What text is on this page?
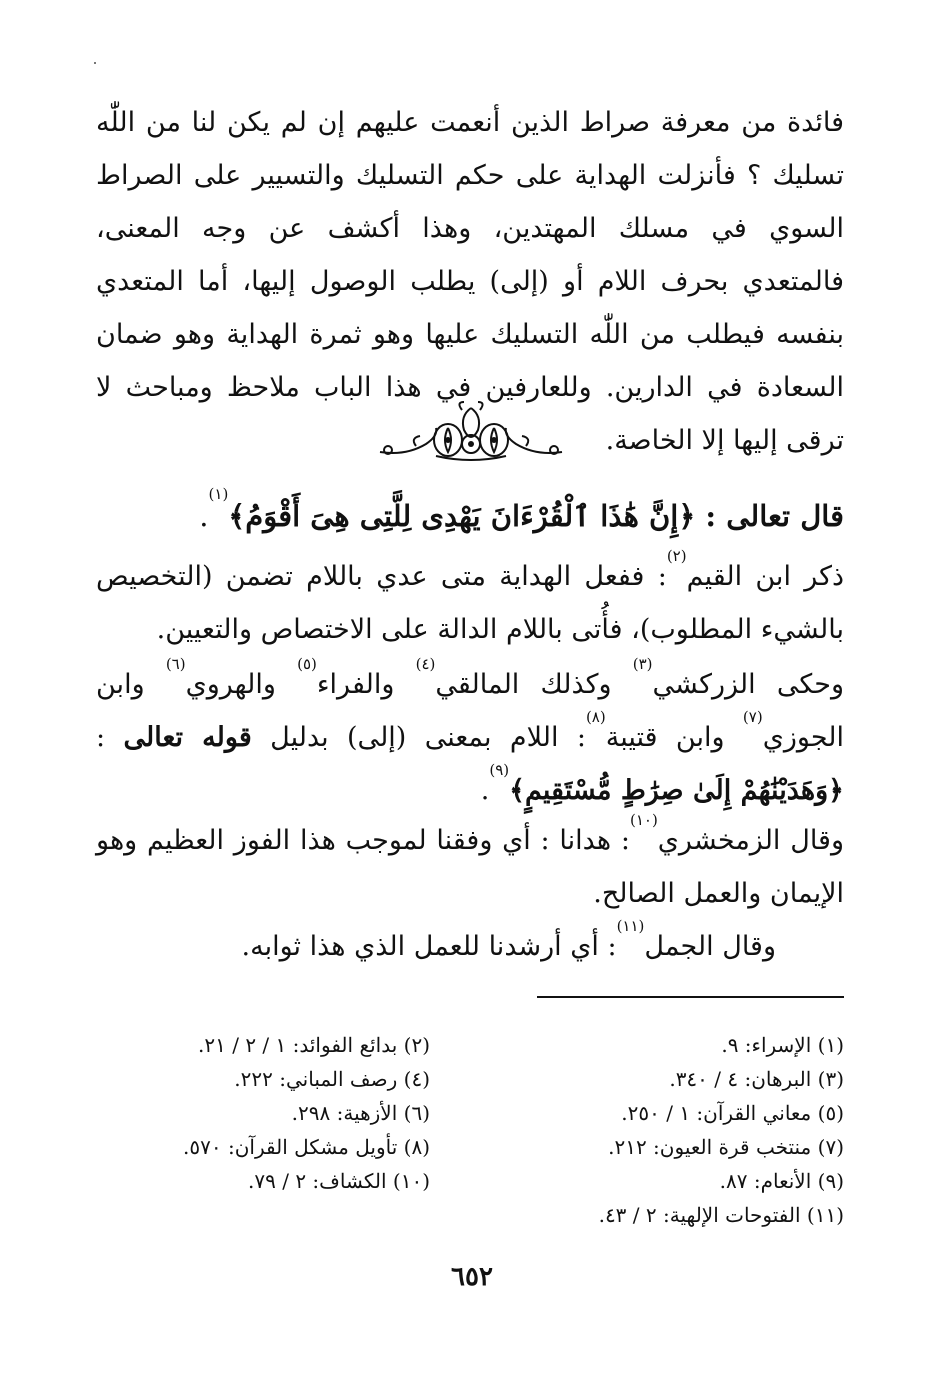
فائدة من معرفة صراط الذين أنعمت عليهم إن لم يكن لنا من اللّٰه تسليك ؟ فأنزلت الهداية على حكم التسليك والتسيير على الصراط السوي في مسلك المهتدين، وهذا أكشف عن وجه المعنى، فالمتعدي بحرف اللام أو (إلى) يطلب الوصول إليها، أما المتعدي بنفسه فيطلب من اللّٰه التسليك عليها وهو ثمرة الهداية وهو ضمان السعادة في الدارين. وللعارفين في هذا الباب ملاحظ ومباحث لا ترقى إليها إلا الخاصة.
قال تعالى : ﴿إِنَّ هَٰذَا ٱلْقُرْءَانَ يَهْدِى لِلَّتِى هِىَ أَقْوَمُ﴾$^{(١)}$.
ذكر ابن القيم$^{(٢)}$: ففعل الهداية متى عدي باللام تضمن (التخصيص بالشيء المطلوب)، فأُتى باللام الدالة على الاختصاص والتعيين.
وحكى الزركشي$^{(٣)}$ وكذلك المالقي$^{(٤)}$ والفراء$^{(٥)}$ والهروي$^{(٦)}$ وابن الجوزي$^{(٧)}$ وابن قتيبة$^{(٨)}$: اللام بمعنى (إلى) بدليل قوله تعالى : ﴿وَهَدَيْنَٰهُمْ إِلَىٰ صِرَٰطٍ مُّسْتَقِيمٍ﴾$^{(٩)}$.
وقال الزمخشري$^{(١٠)}$: هدانا : أي وفقنا لموجب هذا الفوز العظيم وهو الإيمان والعمل الصالح.
وقال الجمل$^{(١١)}$: أي أرشدنا للعمل الذي هذا ثوابه.
(١) الإسراء: ٩.
(٣) البرهان: ٤ / ٣٤٠.
(٥) معاني القرآن: ١ / ٢٥٠.
(٧) منتخب قرة العيون: ٢١٢.
(٩) الأنعام: ٨٧.
(١١) الفتوحات الإلهية: ٢ / ٤٣.
(٢) بدائع الفوائد: ١ / ٢ / ٢١.
(٤) رصف المباني: ٢٢٢.
(٦) الأزهية: ٢٩٨.
(٨) تأويل مشكل القرآن: ٥٧٠.
(١٠) الكشاف: ٢ / ٧٩.
٦٥٢
